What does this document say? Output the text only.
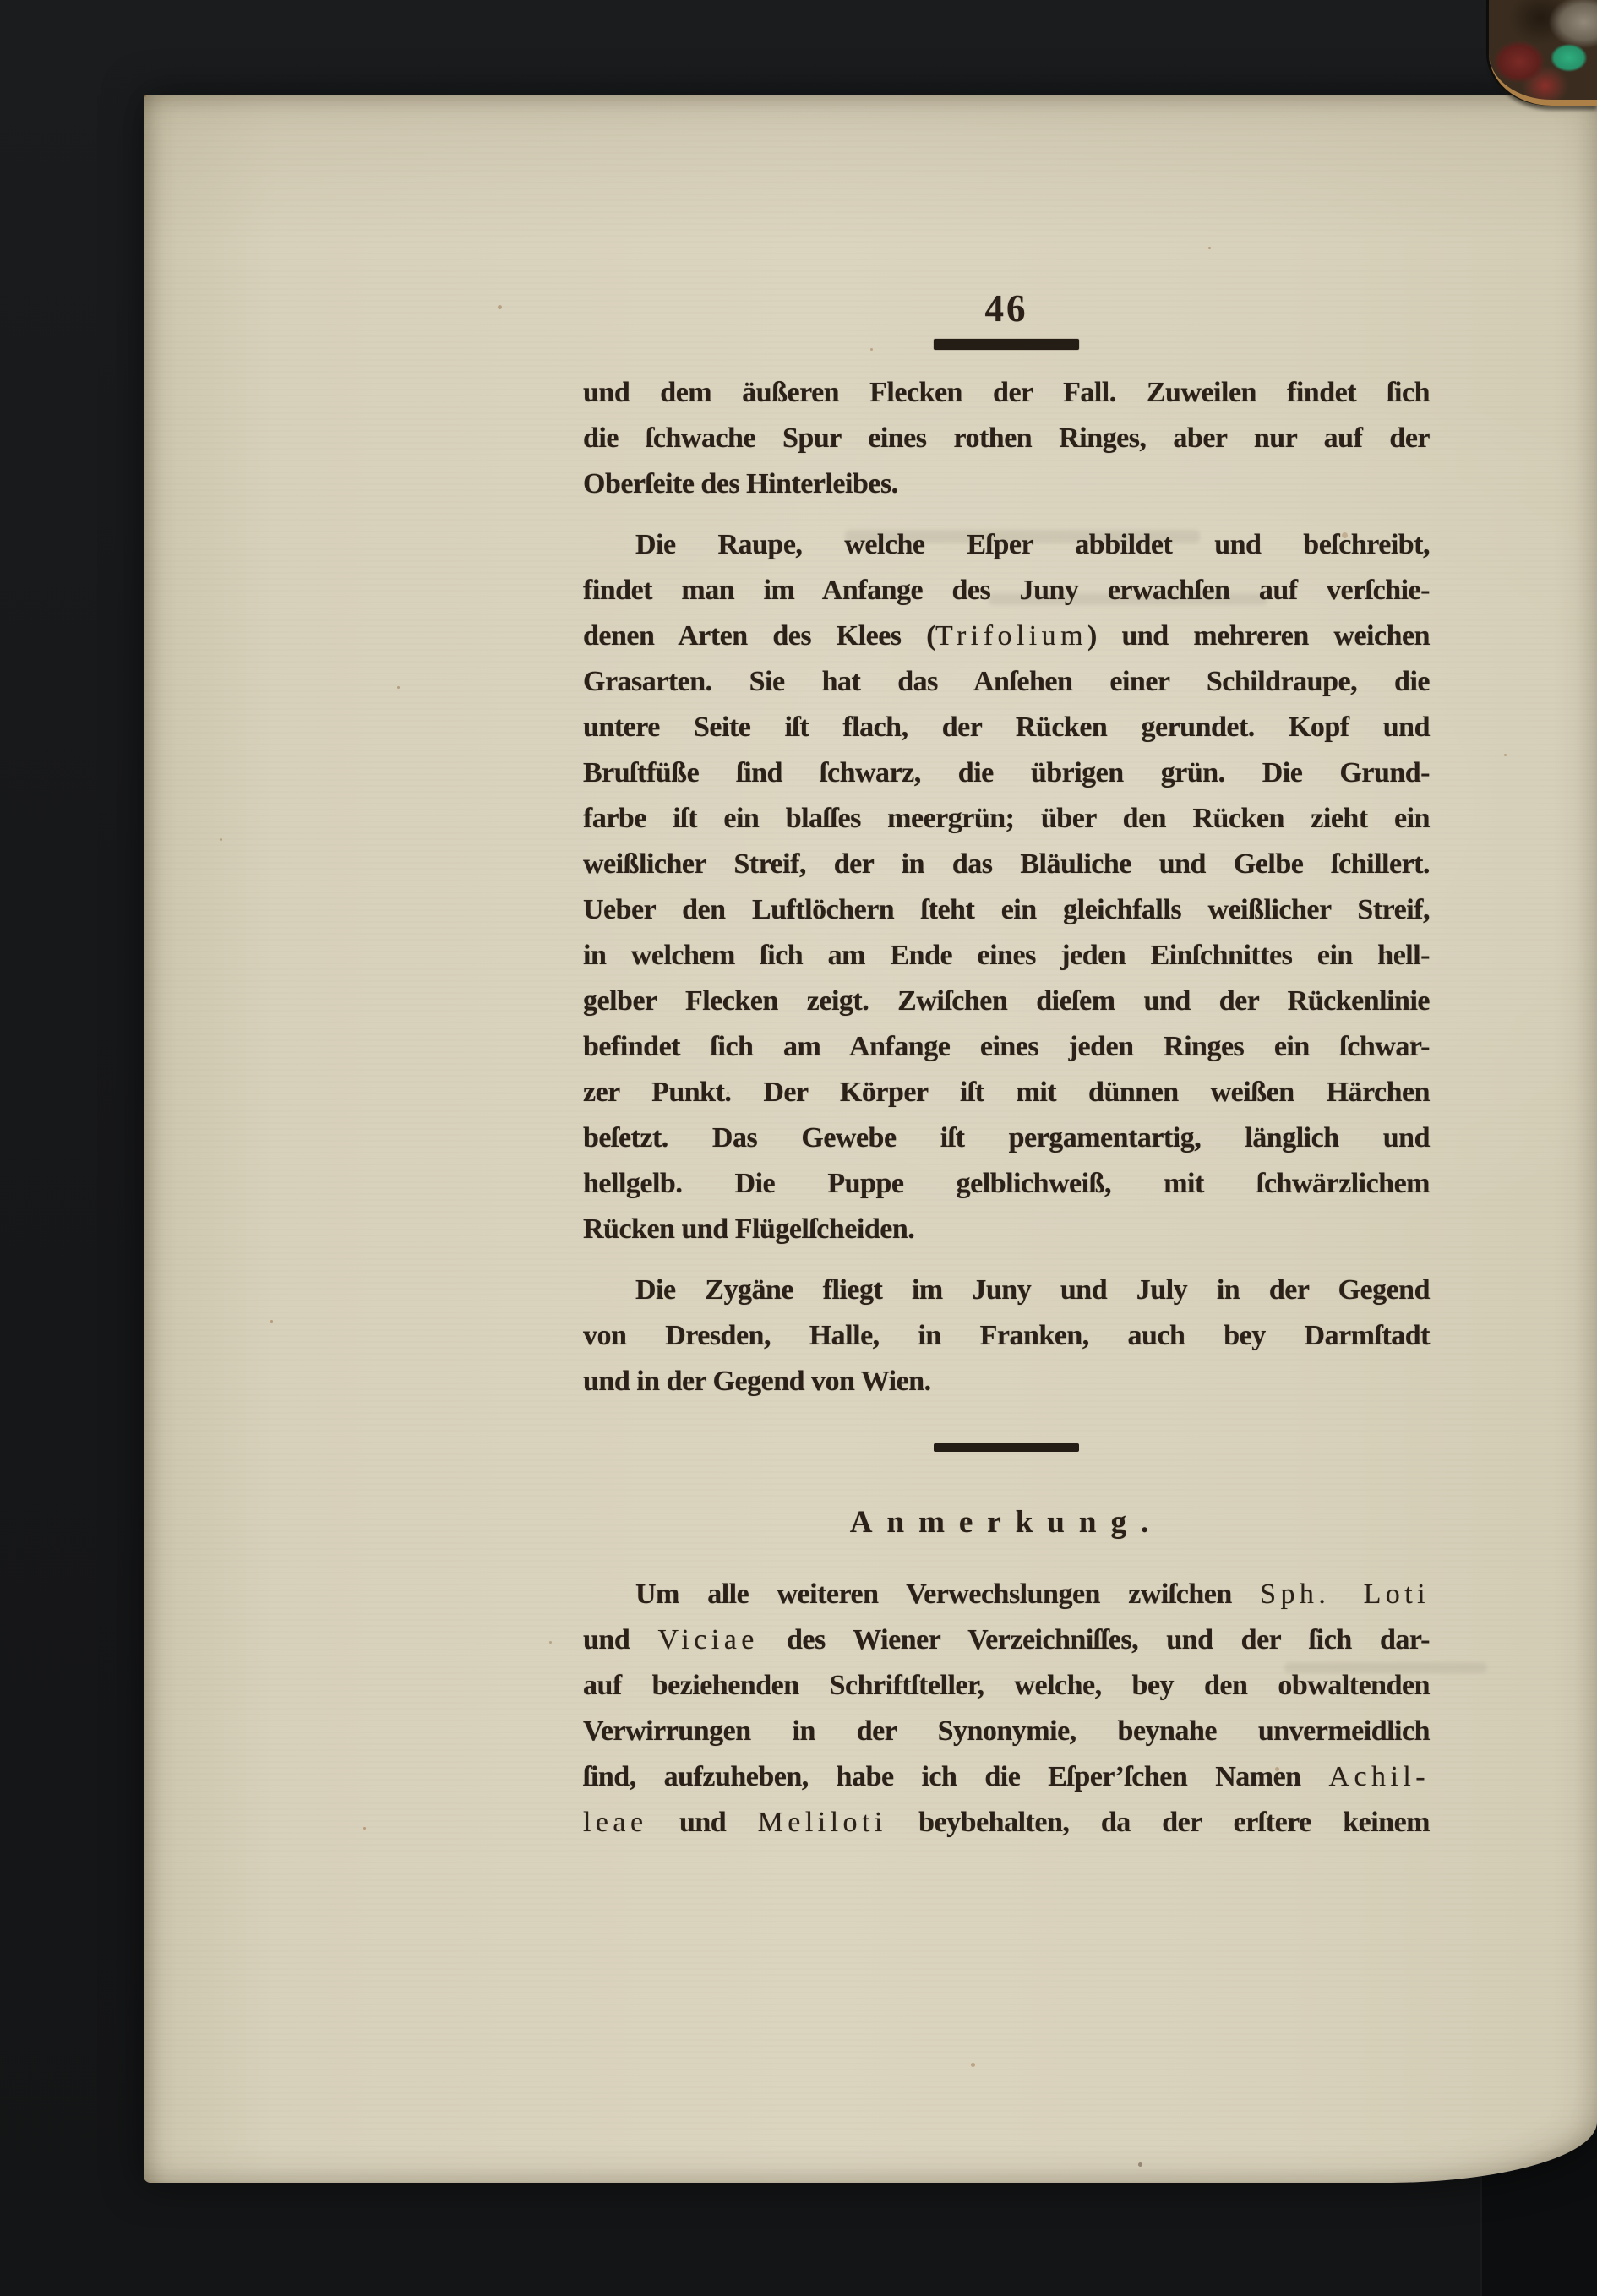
46
und dem äußeren Flecken der Fall. Zuweilen findet ſich
die ſchwache Spur eines rothen Ringes, aber nur auf der
Oberſeite des Hinterleibes.
Die Raupe, welche Eſper abbildet und beſchreibt,
findet man im Anfange des Juny erwachſen auf verſchie-
denen Arten des Klees (Trifolium) und mehreren weichen
Grasarten. Sie hat das Anſehen einer Schildraupe, die
untere Seite iſt flach, der Rücken gerundet. Kopf und
Bruſtfüße ſind ſchwarz, die übrigen grün. Die Grund-
farbe iſt ein blaſſes meergrün; über den Rücken zieht ein
weißlicher Streif, der in das Bläuliche und Gelbe ſchillert.
Ueber den Luftlöchern ſteht ein gleichfalls weißlicher Streif,
in welchem ſich am Ende eines jeden Einſchnittes ein hell-
gelber Flecken zeigt. Zwiſchen dieſem und der Rückenlinie
befindet ſich am Anfange eines jeden Ringes ein ſchwar-
zer Punkt. Der Körper iſt mit dünnen weißen Härchen
beſetzt. Das Gewebe iſt pergamentartig, länglich und
hellgelb. Die Puppe gelblichweiß, mit ſchwärzlichem
Rücken und Flügelſcheiden.
Die Zygäne fliegt im Juny und July in der Gegend
von Dresden, Halle, in Franken, auch bey Darmſtadt
und in der Gegend von Wien.
Anmerkung.
Um alle weiteren Verwechslungen zwiſchen Sph. Loti
und Viciae des Wiener Verzeichniſſes, und der ſich dar-
auf beziehenden Schriftſteller, welche, bey den obwaltenden
Verwirrungen in der Synonymie, beynahe unvermeidlich
ſind, aufzuheben, habe ich die Eſper’ſchen Namen Achil-
leae und Meliloti beybehalten, da der erſtere keinem
